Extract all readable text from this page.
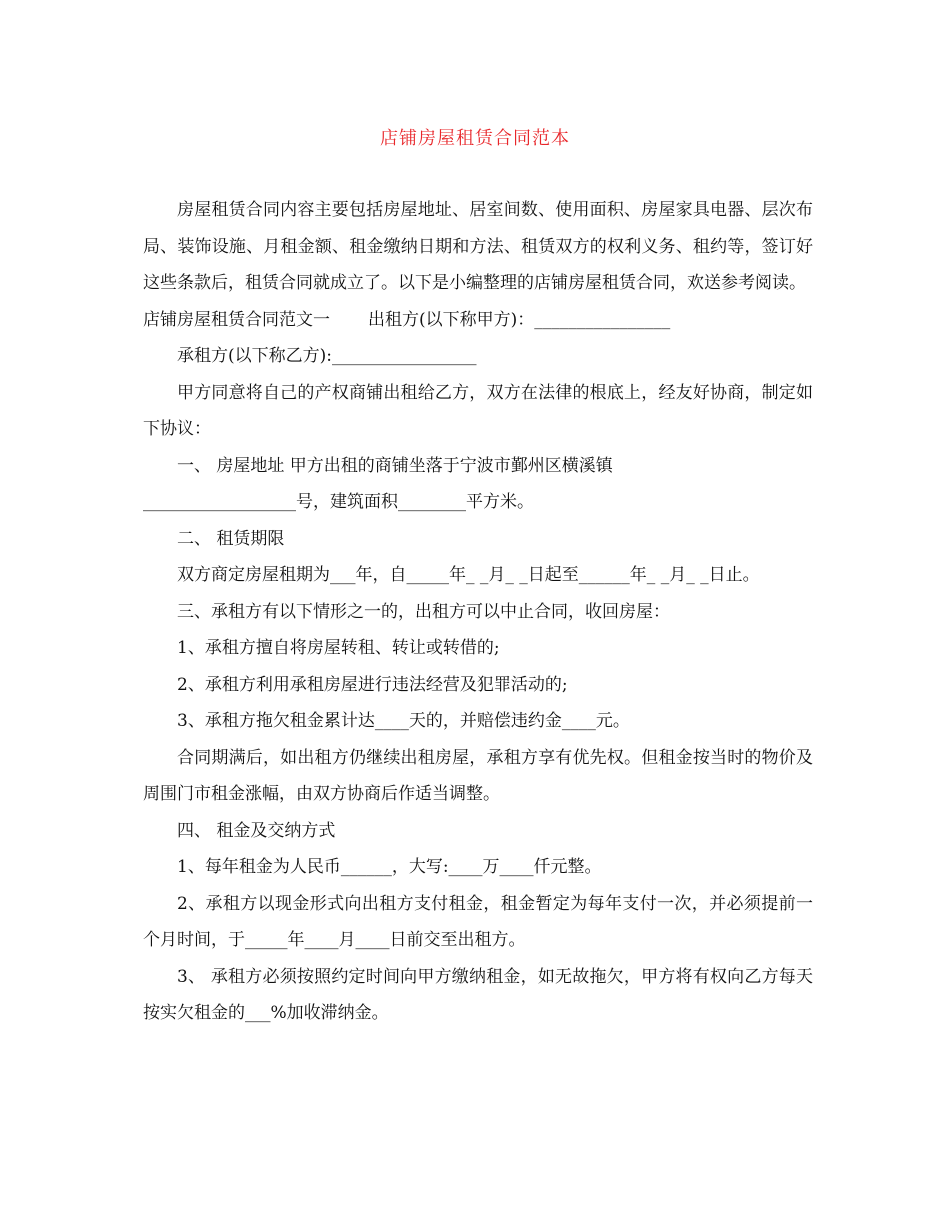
店铺房屋租赁合同范本

房屋租赁合同内容主要包括房屋地址、居室间数、使用面积、房屋家具电器、层次布局、装饰设施、月租金额、租金缴纳日期和方法、租赁双方的权利义务、租约等，签订好这些条款后，租赁合同就成立了。以下是小编整理的店铺房屋租赁合同，欢送参考阅读。

店铺房屋租赁合同范文一 出租方(以下称甲方)：________________

承租方(以下称乙方):_________________

甲方同意将自己的产权商铺出租给乙方，双方在法律的根底上，经友好协商，制定如下协议：

一、 房屋地址 甲方出租的商铺坐落于宁波市鄞州区横溪镇

__________________号，建筑面积________平方米。

二、 租赁期限

双方商定房屋租期为___年，自_____年_ _月_ _日起至______年_ _月_ _日止。

三、承租方有以下情形之一的，出租方可以中止合同，收回房屋：

1、承租方擅自将房屋转租、转让或转借的;

2、承租方利用承租房屋进行违法经营及犯罪活动的;

3、承租方拖欠租金累计达____天的，并赔偿违约金____元。

合同期满后，如出租方仍继续出租房屋，承租方享有优先权。但租金按当时的物价及周围门市租金涨幅，由双方协商后作适当调整。

四、 租金及交纳方式

1、每年租金为人民币______，大写:____万____仟元整。

2、承租方以现金形式向出租方支付租金，租金暂定为每年支付一次，并必须提前一个月时间，于_____年____月____日前交至出租方。

3、 承租方必须按照约定时间向甲方缴纳租金，如无故拖欠，甲方将有权向乙方每天按实欠租金的___%加收滞纳金。
